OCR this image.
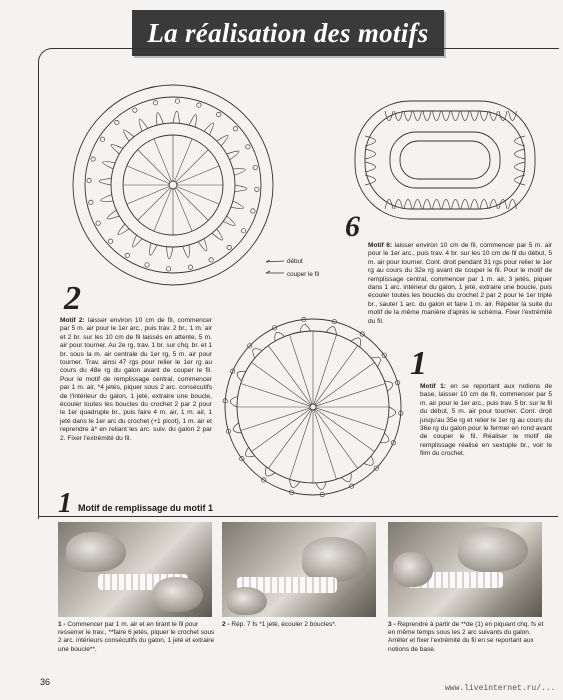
La réalisation des motifs
début
couper le fil
2
6
1
Motif 2: laisser environ 10 cm de fil, commencer par 5 m. air pour le 1er arc., puis trav. 2 br., 1 m. air et 2 br. sur les 10 cm de fil laissés en attente, 5 m. air pour tourner. Au 2e rg, trav. 1 br. sur chq. br. et 1 br. sous la m. air centrale du 1er rg, 5 m. air pour tourner. Trav. ainsi 47 rgs pour relier le 1er rg au cours du 48e rg du galon avant de couper le fil. Pour le motif de remplissage central, commencer par 1 m. air, *4 jetés, piquer sous 2 arc. consécutifs de l'intérieur du galon, 1 jeté, extraire une boucle, écouler toutes les boucles du crochet 2 par 2 pour le 1er quadruple br., puis faire 4 m. air, 1 m. air, 1 jeté dans le 1er arc du crochet (+1 picot), 1 m. air et reprendre à* en reliant les arc. suiv. du galon 2 par 2. Fixer l'extrémité du fil.
Motif 6: laisser environ 10 cm de fil, commencer par 5 m. air pour le 1er arc., puis trav. 4 br. sur les 10 cm de fil du début, 5 m. air pour tourner. Cont. droit pendant 31 rgs pour relier le 1er rg au cours du 32e rg avant de couper le fil. Pour le motif de remplissage central, commencer par 1 m. air, 3 jetés, piquer dans 1 arc. intérieur du galon, 1 jeté, extraire une boucle, puis écouler toutes les boucles du crochet 2 par 2 pour le 1er triple br., sauter 1 arc. du galon et faire 1 m. air. Répéter la suite du motif de la même manière d'après le schéma. Fixer l'extrémité du fil.
Motif 1: en se reportant aux notions de base, laisser 10 cm de fil, commencer par 5 m. air pour le 1er arc., puis trav. 5 br. sur le fil du début, 5 m. air pour tourner. Cont. droit jusqu'au 35e rg et relier le 1er rg au cours du 36e rg du galon pour le fermer en rond avant de couper le fil. Réaliser le motif de remplissage réalisé en sextuple br., voir le film du crochet.
1 Motif de remplissage du motif 1
1 - Commencer par 1 m. air et en tirant le fil pour resserrer le trav., **faire 6 jetés, piquer le crochet sous 2 arc. intérieurs consécutifs du galon, 1 jeté et extraire une boucle**.
2 - Rép. 7 fs *1 jeté, écouler 2 boucles*.	3 - Reprendre à partir de **de (1) en piquant chq. fs et en même temps sous les 2 arc suivants du galon. Arrêter et fixer l'extrémité du fil en se reportant aux notions de base.
36
www.liveinternet.ru/...
